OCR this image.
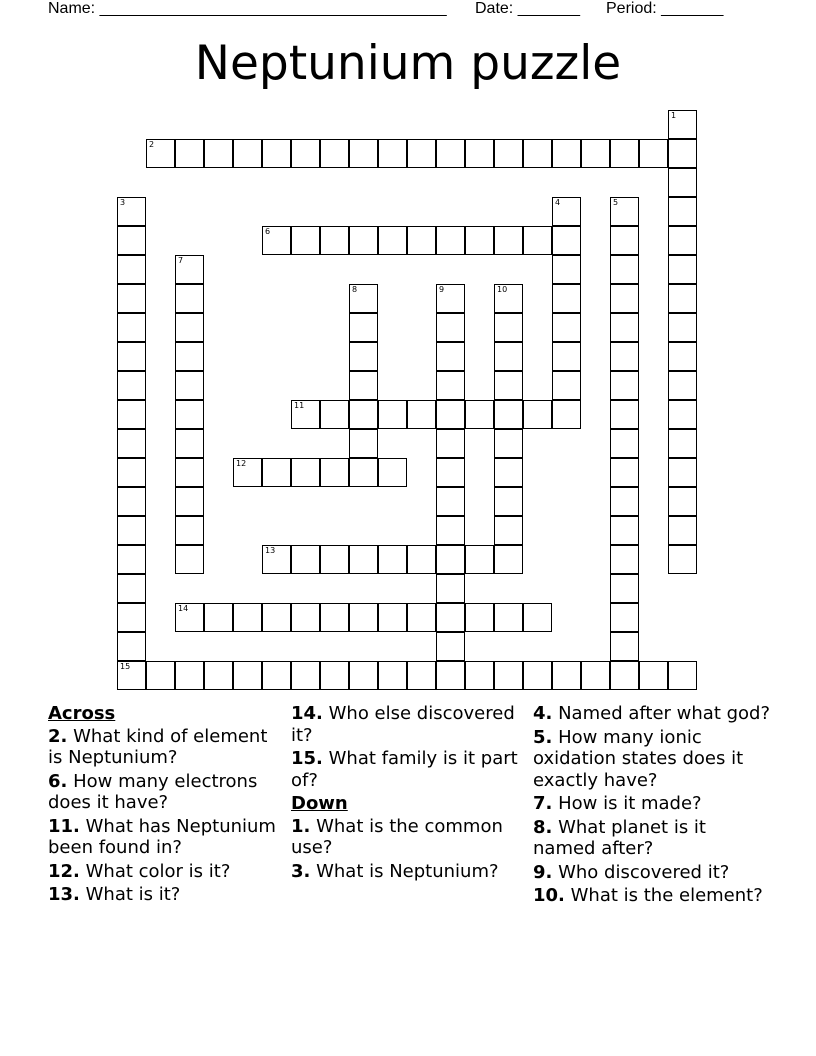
Name: _______________________________________ Date: _______ Period: _______
Neptunium puzzle
1
2
3	4	5
6
7
8	9	10
11
12
13
14
15
Across
2. What kind of element is Neptunium?
6. How many electrons does it have?
11. What has Neptunium been found in?
12. What color is it?
13. What is it?
14. Who else discovered it?
15. What family is it part of?
Down
1. What is the common use?
3. What is Neptunium?
4. Named after what god?
5. How many ionic oxidation states does it exactly have?
7. How is it made?
8. What planet is it named after?
9. Who discovered it?
10. What is the element?
